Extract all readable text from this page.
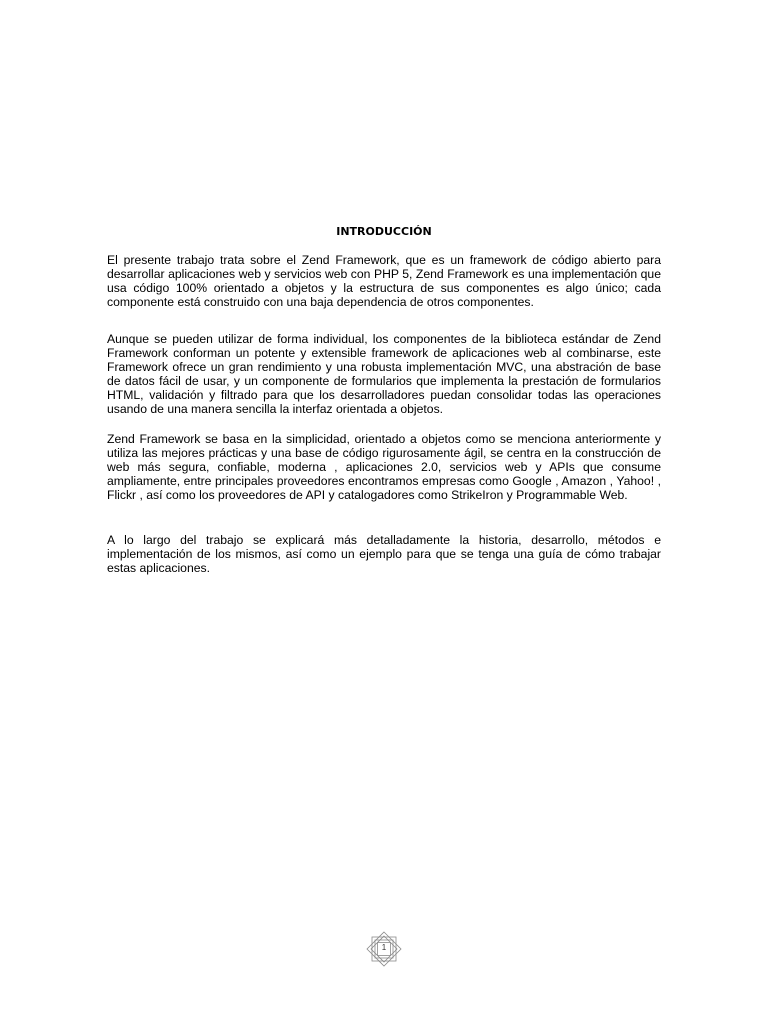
INTRODUCCIÓN
El presente trabajo trata sobre el Zend Framework, que es un framework de código abierto para desarrollar aplicaciones web y servicios web con PHP 5, Zend Framework es una implementación que usa código 100% orientado a objetos y la estructura de sus componentes es algo único; cada componente está construido con una baja dependencia de otros componentes.
Aunque se pueden utilizar de forma individual, los componentes de la biblioteca estándar de Zend Framework conforman un potente y extensible framework de aplicaciones web al combinarse, este Framework ofrece un gran rendimiento y una robusta implementación MVC, una abstración de base de datos fácil de usar, y un componente de formularios que implementa la prestación de formularios HTML, validación y filtrado para que los desarrolladores puedan consolidar todas las operaciones usando de una manera sencilla la interfaz orientada a objetos.
Zend Framework se basa en la simplicidad, orientado a objetos como se menciona anteriormente y utiliza las mejores prácticas y una base de código rigurosamente ágil, se centra en la construcción de web más segura, confiable, moderna , aplicaciones 2.0, servicios web y APIs que consume ampliamente, entre principales proveedores encontramos empresas como Google , Amazon , Yahoo! , Flickr , así como los proveedores de API y catalogadores como StrikeIron y Programmable Web.
A lo largo del trabajo se explicará más detalladamente la historia, desarrollo, métodos e implementación de los mismos, así como un ejemplo para que se tenga una guía de cómo trabajar estas aplicaciones.
1
